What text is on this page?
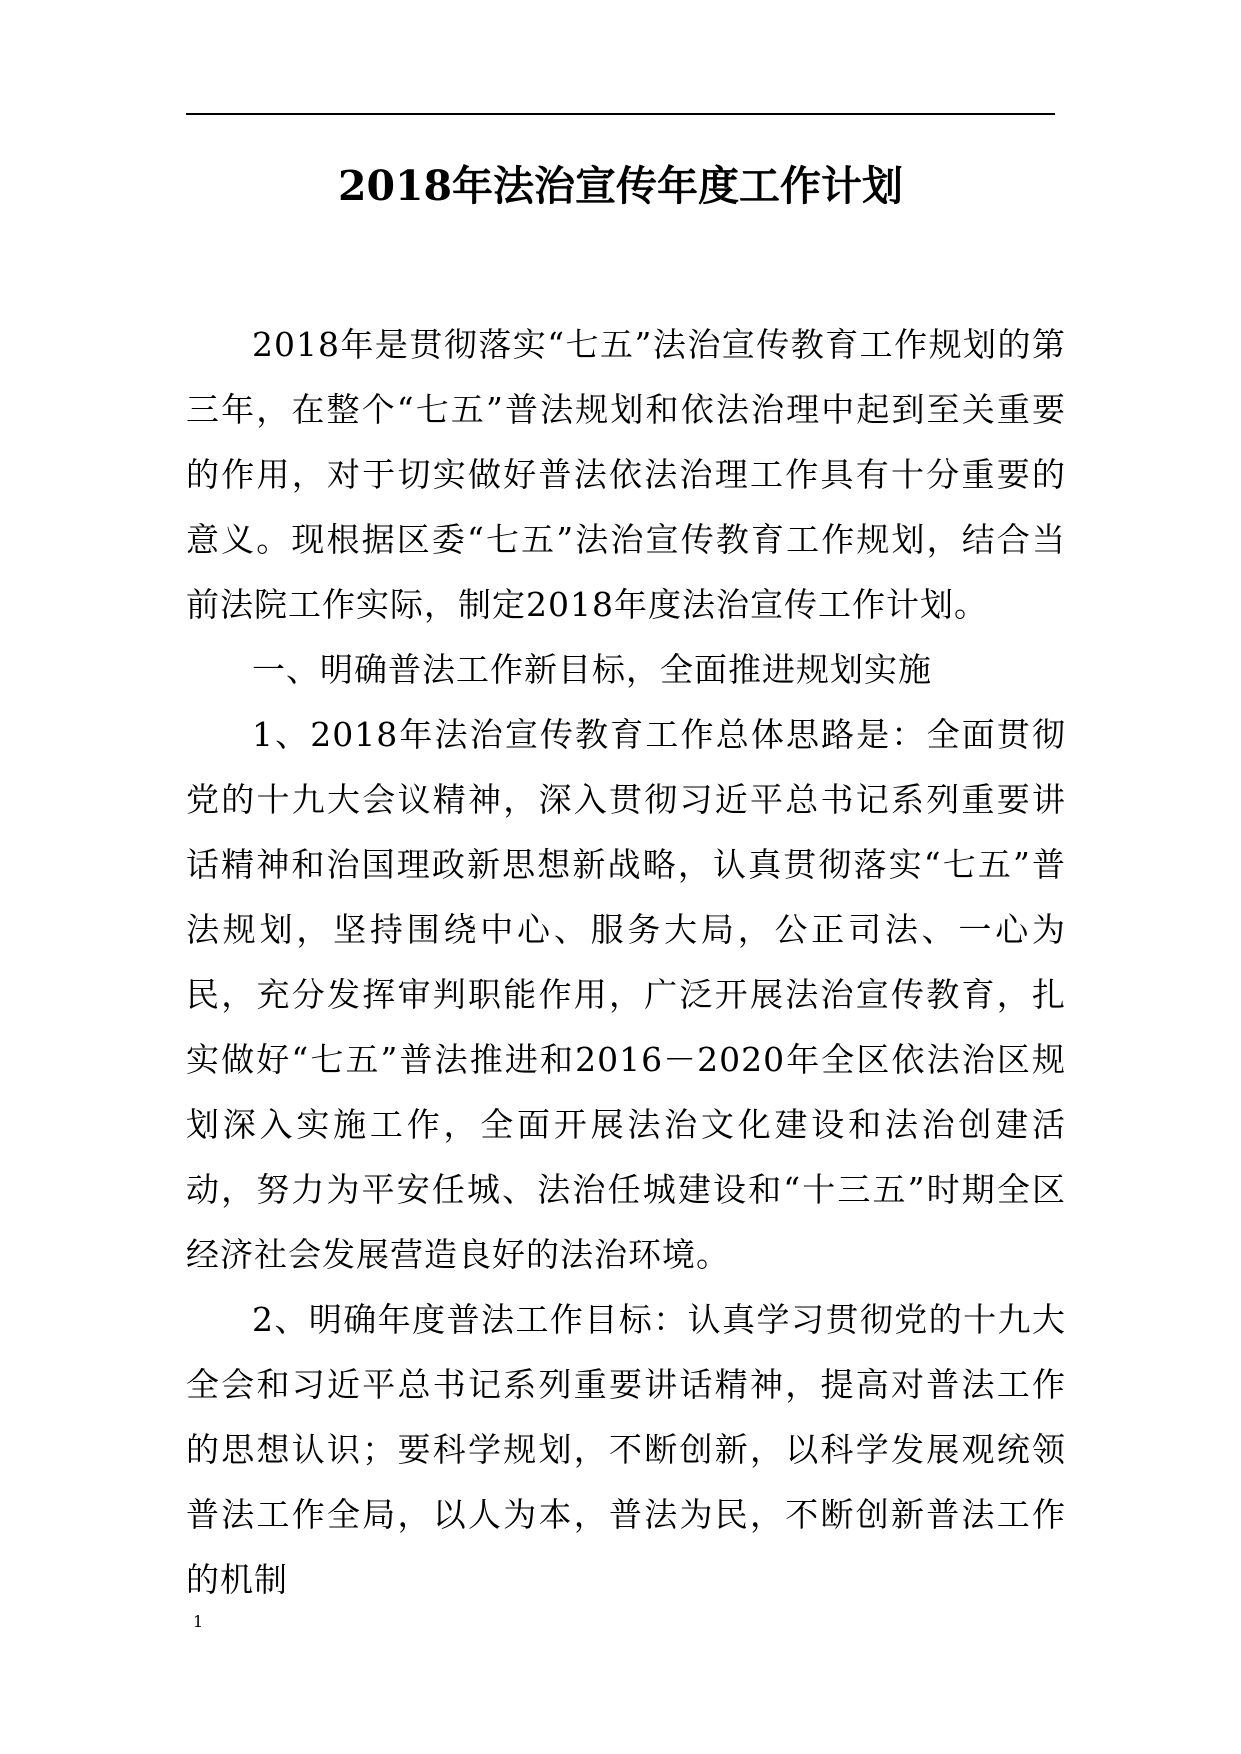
2018年法治宣传年度工作计划

2018年是贯彻落实“七五”法治宣传教育工作规划的第三年，在整个“七五”普法规划和依法治理中起到至关重要的作用，对于切实做好普法依法治理工作具有十分重要的意义。现根据区委“七五”法治宣传教育工作规划，结合当前法院工作实际，制定2018年度法治宣传工作计划。

一、明确普法工作新目标，全面推进规划实施

1、2018年法治宣传教育工作总体思路是：全面贯彻党的十九大会议精神，深入贯彻习近平总书记系列重要讲话精神和治国理政新思想新战略，认真贯彻落实“七五”普法规划，坚持围绕中心、服务大局，公正司法、一心为民，充分发挥审判职能作用，广泛开展法治宣传教育，扎实做好“七五”普法推进和2016－2020年全区依法治区规划深入实施工作，全面开展法治文化建设和法治创建活动，努力为平安任城、法治任城建设和“十三五”时期全区经济社会发展营造良好的法治环境。

2、明确年度普法工作目标：认真学习贯彻党的十九大全会和习近平总书记系列重要讲话精神，提高对普法工作的思想认识；要科学规划，不断创新，以科学发展观统领普法工作全局，以人为本，普法为民，不断创新普法工作的机制

1
